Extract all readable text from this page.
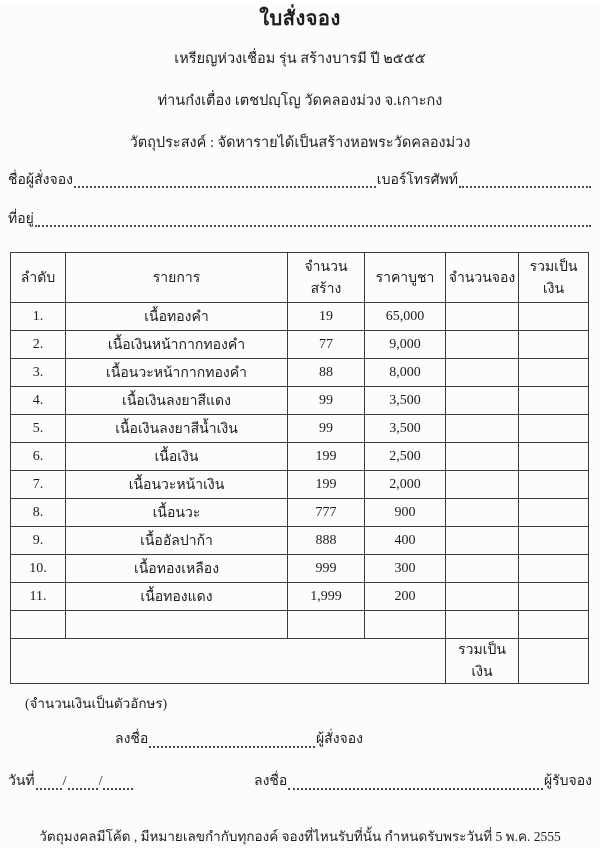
ใบสั่งจอง
เหรียญห่วงเชื่อม รุ่น สร้างบารมี ปี ๒๕๕๕
ท่านก๋งเตื่อง เตชปญฺโญ วัดคลองม่วง จ.เกาะกง
วัตถุประสงค์ : จัดหารายได้เป็นสร้างหอพระวัดคลองม่วง
ชื่อผู้สั่งจอง	เบอร์โทรศัพท์
ที่อยู่
ลำดับ	รายการ	จำนวนสร้าง	ราคาบูชา	จำนวนจอง	รวมเป็นเงิน
1.	เนื้อทองคำ	19	65,000		
2.	เนื้อเงินหน้ากากทองคำ	77	9,000		
3.	เนื้อนวะหน้ากากทองคำ	88	8,000		
4.	เนื้อเงินลงยาสีแดง	99	3,500		
5.	เนื้อเงินลงยาสีน้ำเงิน	99	3,500		
6.	เนื้อเงิน	199	2,500		
7.	เนื้อนวะหน้าเงิน	199	2,000		
8.	เนื้อนวะ	777	900		
9.	เนื้ออัลปาก้า	888	400		
10.	เนื้อทองเหลือง	999	300		
11.	เนื้อทองแดง	1,999	200		

				รวมเป็นเงิน	
(จำนวนเงินเป็นตัวอักษร)
ลงชื่อ	ผู้สั่งจอง
วันที่ / /	ลงชื่อ	ผู้รับจอง
วัตถุมงคลมีโค้ด , มีหมายเลขกำกับทุกองค์ จองที่ไหนรับที่นั้น กำหนดรับพระวันที่ 5 พ.ค. 2555
